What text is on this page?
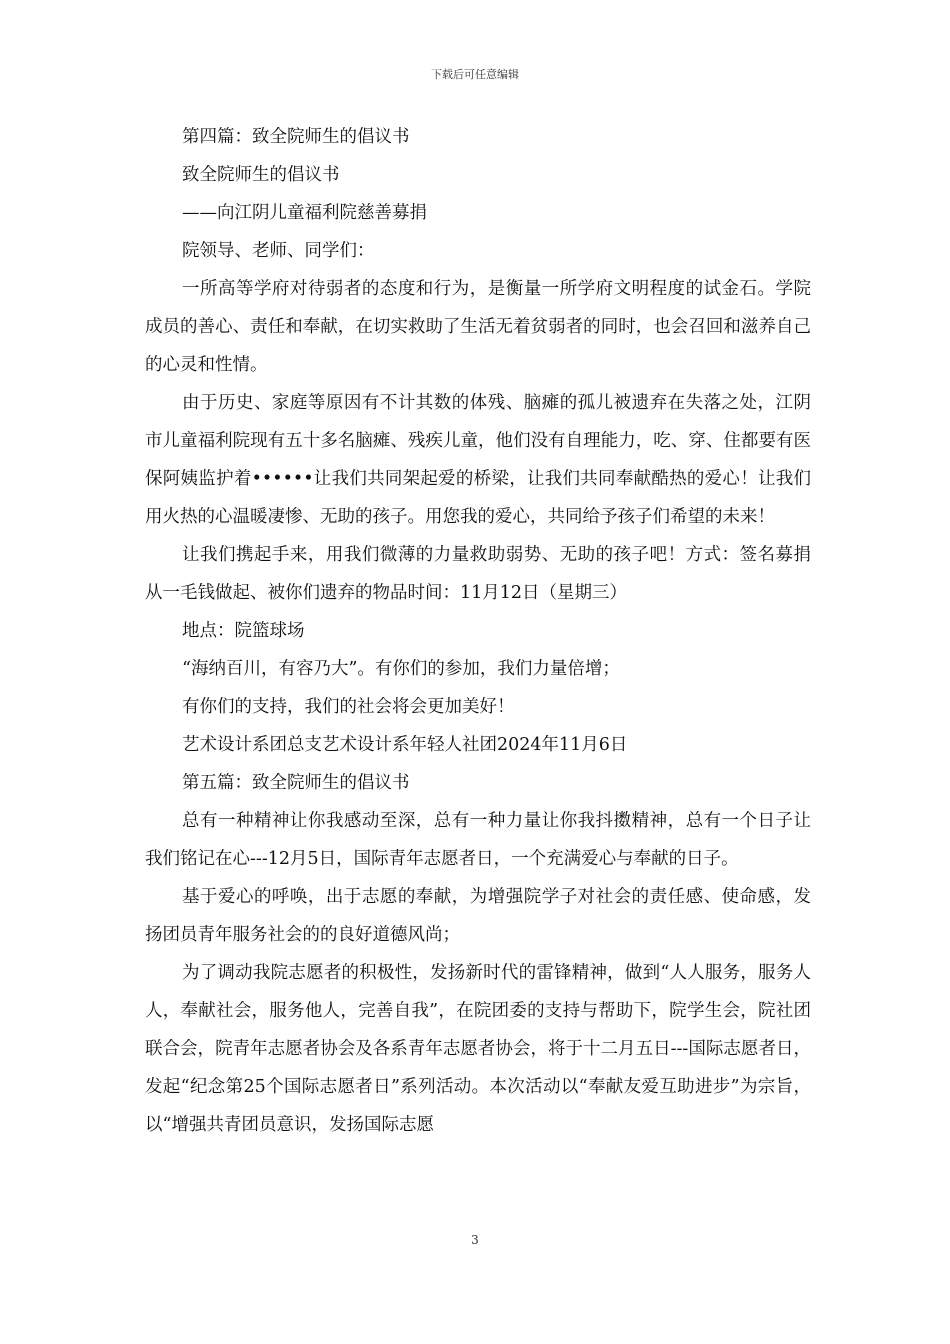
下载后可任意编辑

第四篇：致全院师生的倡议书

致全院师生的倡议书

——向江阴儿童福利院慈善募捐

院领导、老师、同学们：

一所高等学府对待弱者的态度和行为，是衡量一所学府文明程度的试金石。学院成员的善心、责任和奉献，在切实救助了生活无着贫弱者的同时，也会召回和滋养自己的心灵和性情。

由于历史、家庭等原因有不计其数的体残、脑瘫的孤儿被遗弃在失落之处，江阴市儿童福利院现有五十多名脑瘫、残疾儿童，他们没有自理能力，吃、穿、住都要有医保阿姨监护着••••••让我们共同架起爱的桥梁，让我们共同奉献酷热的爱心！让我们用火热的心温暖凄惨、无助的孩子。用您我的爱心，共同给予孩子们希望的未来！

让我们携起手来，用我们微薄的力量救助弱势、无助的孩子吧！方式：签名募捐从一毛钱做起、被你们遗弃的物品时间：11月12日（星期三）

地点：院篮球场

“海纳百川，有容乃大”。有你们的参加，我们力量倍增；

有你们的支持，我们的社会将会更加美好！

艺术设计系团总支艺术设计系年轻人社团2024年11月6日

第五篇：致全院师生的倡议书

总有一种精神让你我感动至深，总有一种力量让你我抖擞精神，总有一个日子让我们铭记在心---12月5日，国际青年志愿者日，一个充满爱心与奉献的日子。

基于爱心的呼唤，出于志愿的奉献，为增强院学子对社会的责任感、使命感，发扬团员青年服务社会的的良好道德风尚；

为了调动我院志愿者的积极性，发扬新时代的雷锋精神，做到“人人服务，服务人人，奉献社会，服务他人，完善自我”，在院团委的支持与帮助下，院学生会，院社团联合会，院青年志愿者协会及各系青年志愿者协会，将于十二月五日---国际志愿者日，发起“纪念第25个国际志愿者日”系列活动。本次活动以“奉献友爱互助进步”为宗旨，以“增强共青团员意识，发扬国际志愿

3
